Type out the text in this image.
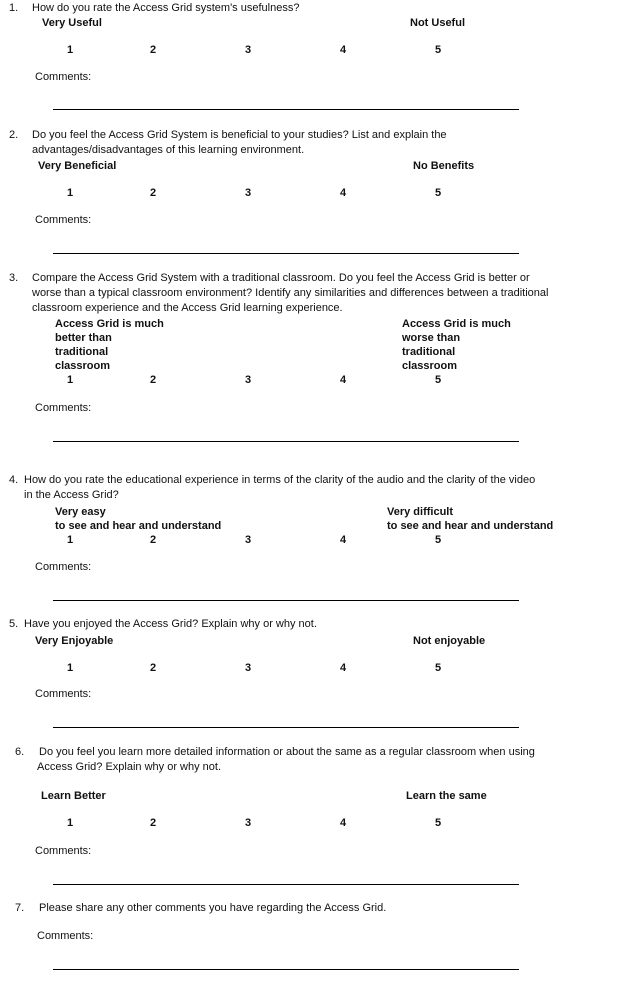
1. How do you rate the Access Grid system's usefulness?
Very Useful	Not Useful
1	2	3	4	5
Comments:
2. Do you feel the Access Grid System is beneficial to your studies? List and explain the
advantages/disadvantages of this learning environment.
Very Beneficial	No Benefits
1	2	3	4	5
Comments:
3. Compare the Access Grid System with a traditional classroom. Do you feel the Access Grid is better or
worse than a typical classroom environment? Identify any similarities and differences between a traditional
classroom experience and the Access Grid learning experience.
Access Grid is much
better than
traditional
classroom
Access Grid is much
worse than
traditional
classroom
1	2	3	4	5
Comments:
4. How do you rate the educational experience in terms of the clarity of the audio and the clarity of the video
in the Access Grid?
Very easy
to see and hear and understand
Very difficult
to see and hear and understand
1	2	3	4	5
Comments:
5. Have you enjoyed the Access Grid? Explain why or why not.
Very Enjoyable	Not enjoyable
1	2	3	4	5
Comments:
6. Do you feel you learn more detailed information or about the same as a regular classroom when using
Access Grid? Explain why or why not.
Learn Better	Learn the same
1	2	3	4	5
Comments:
7. Please share any other comments you have regarding the Access Grid.
Comments:
